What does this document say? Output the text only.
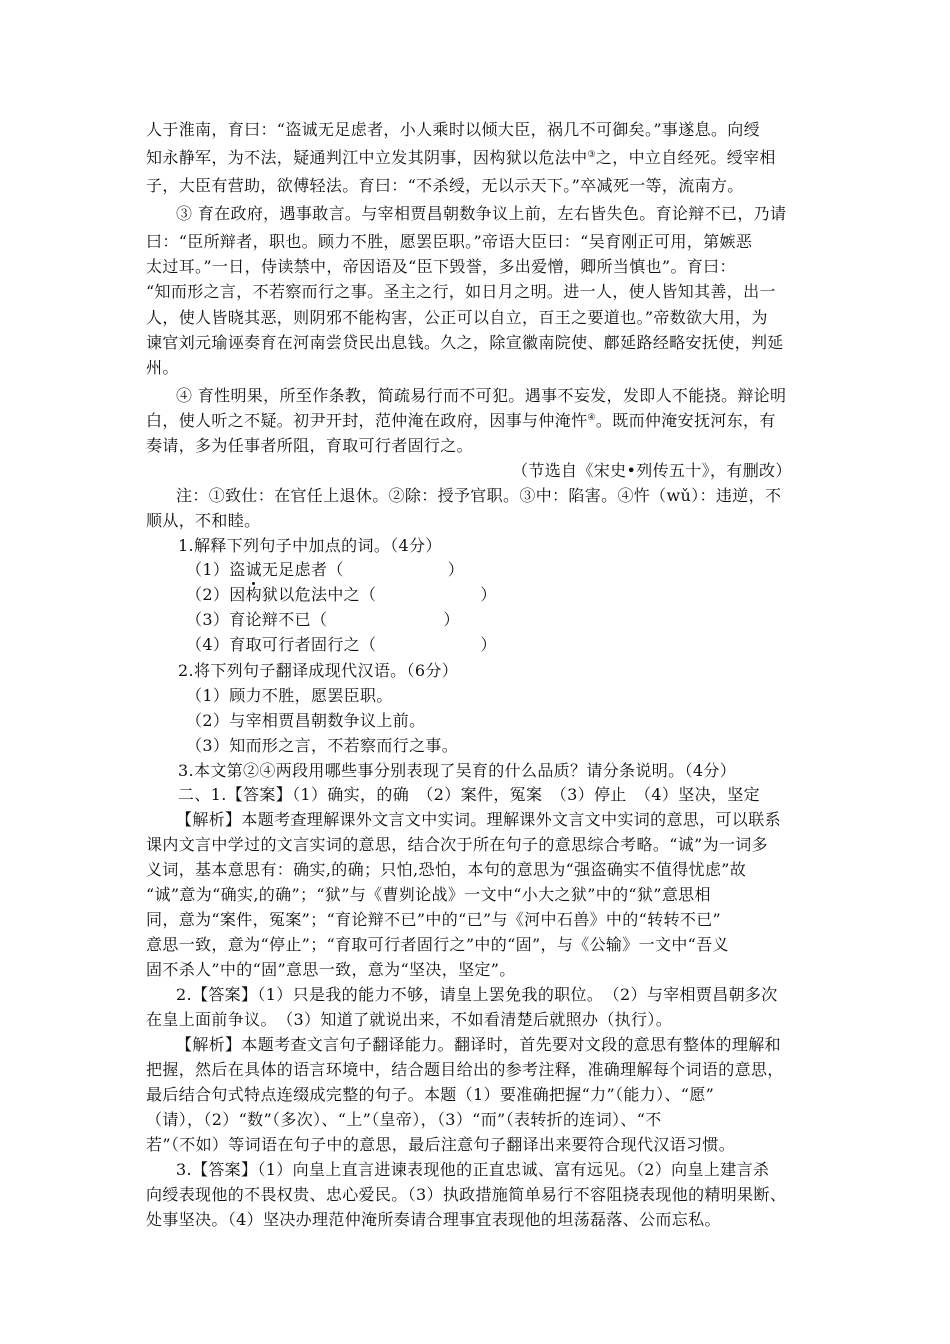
人于淮南，育曰：“盗诚无足虑者，小人乘时以倾大臣，祸几不可御矣。”事遂息。向绶
知永静军，为不法，疑通判江中立发其阴事，因构狱以危法中③之，中立自经死。绶宰相
子，大臣有营助，欲傅轻法。育曰：“不杀绶，无以示天下。”卒减死一等，流南方。
③ 育在政府，遇事敢言。与宰相贾昌朝数争议上前，左右皆失色。育论辩不已，乃请
曰：“臣所辩者，职也。顾力不胜，愿罢臣职。”帝语大臣曰：“吴育刚正可用，第嫉恶
太过耳。”一日，侍读禁中，帝因语及“臣下毁誉，多出爱憎，卿所当慎也”。育曰：
“知而形之言，不若察而行之事。圣主之行，如日月之明。进一人，使人皆知其善，出一
人，使人皆晓其恶，则阴邪不能构害，公正可以自立，百王之要道也。”帝数欲大用，为
谏官刘元瑜诬奏育在河南尝贷民出息钱。久之，除宣徽南院使、鄜延路经略安抚使，判延
州。
④ 育性明果，所至作条教，简疏易行而不可犯。遇事不妄发，发即人不能挠。辩论明
白，使人听之不疑。初尹开封，范仲淹在政府，因事与仲淹忤④。既而仲淹安抚河东，有
奏请，多为任事者所阻，育取可行者固行之。
（节选自《宋史•列传五十》，有删改）
注：①致仕：在官任上退休。②除：授予官职。③中：陷害。④忤（wǔ）：违逆，不
顺从，不和睦。
1.解释下列句子中加点的词。（4分）
（1）盗诚无足虑者（	）
（2）因构狱以危法中之（	）
（3）育论辩不已（	）
（4）育取可行者固行之（	）
2.将下列句子翻译成现代汉语。（6分）
（1）顾力不胜，愿罢臣职。
（2）与宰相贾昌朝数争议上前。
（3）知而形之言，不若察而行之事。
3.本文第②④两段用哪些事分别表现了吴育的什么品质？请分条说明。（4分）
二、1.【答案】（1）确实，的确　（2）案件，冤案　（3）停止　（4）坚决，坚定
【解析】本题考查理解课外文言文中实词。理解课外文言文中实词的意思，可以联系
课内文言中学过的文言实词的意思，结合次于所在句子的意思综合考略。“诚”为一词多
义词，基本意思有：确实,的确；只怕,恐怕，本句的意思为“强盗确实不值得忧虑”故
“诚”意为“确实,的确”；“狱”与《曹刿论战》一文中“小大之狱”中的“狱”意思相
同，意为“案件，冤案”；“育论辩不已”中的“已”与《河中石兽》中的“转转不已”
意思一致，意为“停止”；“育取可行者固行之”中的“固”，与《公输》一文中“吾义
固不杀人”中的“固”意思一致，意为“坚决，坚定”。
2.【答案】（1）只是我的能力不够，请皇上罢免我的职位。　（2）与宰相贾昌朝多次
在皇上面前争议。　（3）知道了就说出来，不如看清楚后就照办（执行）。
【解析】本题考查文言句子翻译能力。翻译时，首先要对文段的意思有整体的理解和
把握，然后在具体的语言环境中，结合题目给出的参考注释，准确理解每个词语的意思，
最后结合句式特点连缀成完整的句子。本题（1）要准确把握“力”（能力）、“愿”
（请），（2）“数”（多次）、“上”（皇帝），（3）“而”（表转折的连词）、“不
若”（不如）等词语在句子中的意思，最后注意句子翻译出来要符合现代汉语习惯。
3.【答案】（1）向皇上直言进谏表现他的正直忠诚、富有远见。（2）向皇上建言杀
向绶表现他的不畏权贵、忠心爱民。（3）执政措施简单易行不容阻挠表现他的精明果断、
处事坚决。（4）坚决办理范仲淹所奏请合理事宜表现他的坦荡磊落、公而忘私。
